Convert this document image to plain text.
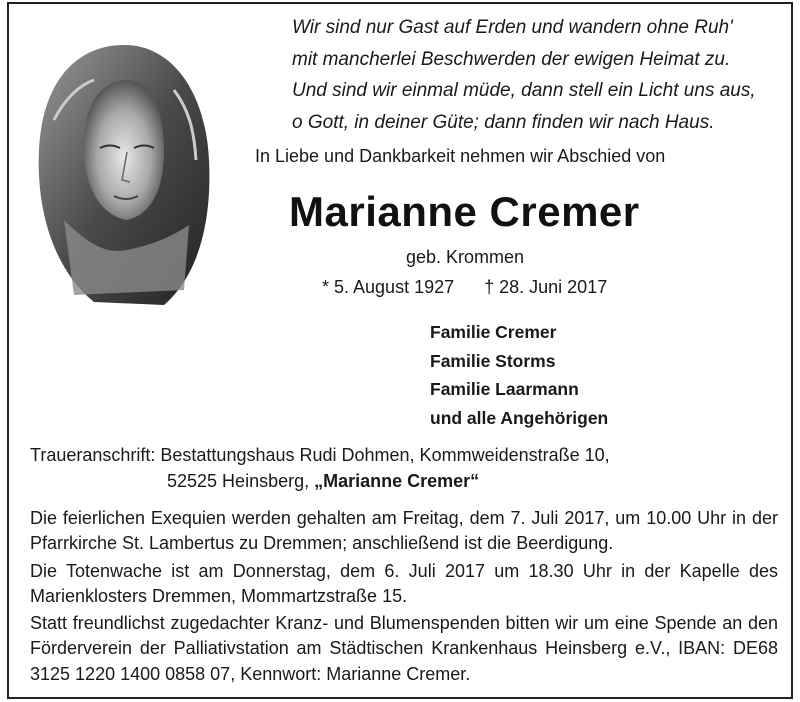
Wir sind nur Gast auf Erden und wandern ohne Ruh'
mit mancherlei Beschwerden der ewigen Heimat zu.
Und sind wir einmal müde, dann stell ein Licht uns aus,
o Gott, in deiner Güte; dann finden wir nach Haus.
In Liebe und Dankbarkeit nehmen wir Abschied von
Marianne Cremer
geb. Krommen
* 5. August 1927 † 28. Juni 2017
Familie Cremer
Familie Storms
Familie Laarmann
und alle Angehörigen
Traueranschrift: Bestattungshaus Rudi Dohmen, Kommweidenstraße 10,
52525 Heinsberg, „Marianne Cremer“

Die feierlichen Exequien werden gehalten am Freitag, dem 7. Juli 2017, um 10.00 Uhr in der Pfarrkirche St. Lambertus zu Dremmen; anschließend ist die Beerdigung.

Die Totenwache ist am Donnerstag, dem 6. Juli 2017 um 18.30 Uhr in der Kapelle des Marienklosters Dremmen, Mommartzstraße 15.

Statt freundlichst zugedachter Kranz- und Blumenspenden bitten wir um eine Spende an den Förderverein der Palliativstation am Städtischen Krankenhaus Heinsberg e.V., IBAN: DE68 3125 1220 1400 0858 07, Kennwort: Marianne Cremer.
